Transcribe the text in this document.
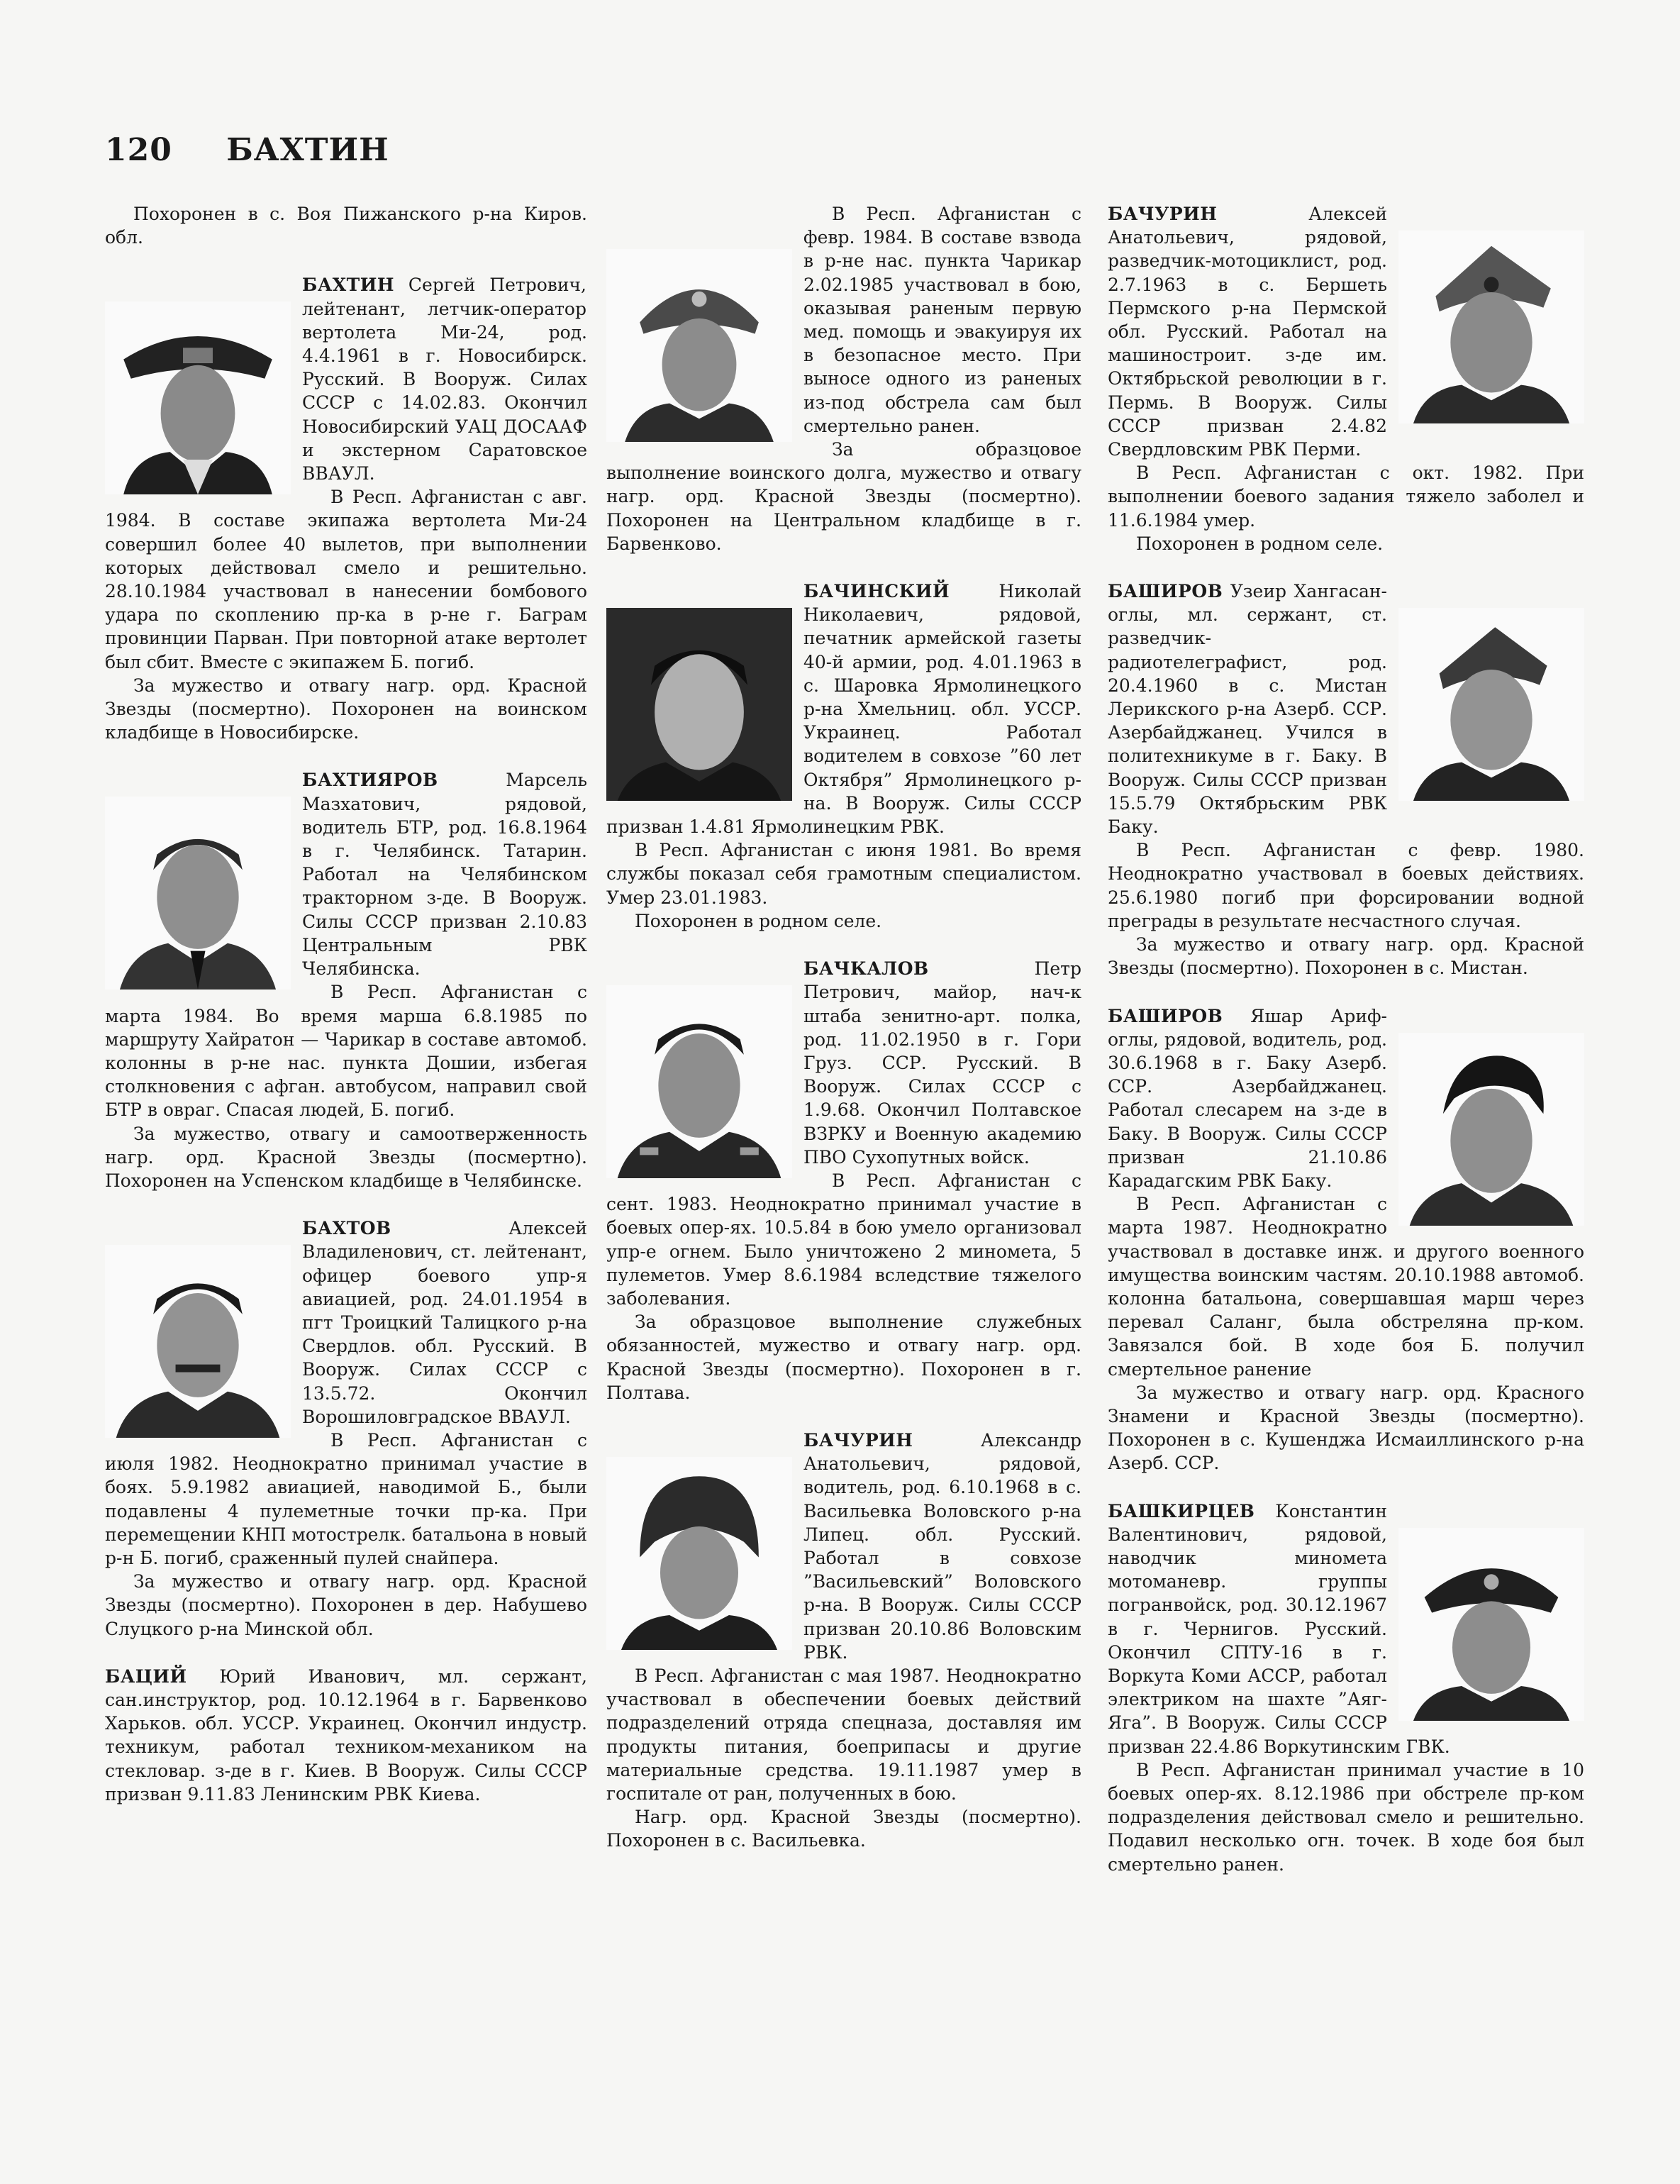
120 БАХТИН

Похоронен в с. Воя Пижанского р-на Киров. обл.

БАХТИН Сергей Петрович, лейтенант, летчик-оператор вертолета Ми-24, род. 4.4.1961 в г. Новосибирск. Русский. В Вооруж. Силах СССР с 14.02.83. Окончил Новосибирский УАЦ ДОСААФ и экстерном Саратовское ВВАУЛ.

В Респ. Афганистан с авг. 1984. В составе экипажа вертолета Ми-24 совершил более 40 вылетов, при выполнении которых действовал смело и решительно. 28.10.1984 участвовал в нанесении бомбового удара по скоплению пр-ка в р-не г. Баграм провинции Парван. При повторной атаке вертолет был сбит. Вместе с экипажем Б. погиб.

За мужество и отвагу нагр. орд. Красной Звезды (посмертно). Похоронен на воинском кладбище в Новосибирске.

БАХТИЯРОВ	Марсель Мазхатович, рядовой, водитель БТР, род. 16.8.1964 в г. Челябинск. Татарин. Работал на Челябинском тракторном з-де. В Вооруж. Силы СССР призван 2.10.83 Центральным РВК Челябинска.

В Респ. Афганистан с марта 1984. Во время марша 6.8.1985 по маршруту Хайратон — Чарикар в составе автомоб. колонны в р-не нас. пункта Дошии, избегая столкновения с афган. автобусом, направил свой БТР в овраг. Спасая людей, Б. погиб.

За мужество, отвагу и самоотверженность нагр. орд. Красной Звезды (посмертно). Похоронен на Успенском кладбище в Челябинске.

БАХТОВ	Алексей Владиленович, ст. лейтенант, офицер боевого упр-я авиацией, род. 24.01.1954 в пгт Троицкий Талицкого р-на Свердлов. обл. Русский. В Вооруж. Силах СССР с 13.5.72. Окончил Ворошиловградское ВВАУЛ.

В Респ. Афганистан с июля 1982. Неоднократно принимал участие в боях. 5.9.1982 авиацией, наводимой Б., были подавлены 4 пулеметные точки пр-ка. При перемещении КНП мотострелк. батальона в новый р-н Б. погиб, сраженный пулей снайпера.

За мужество и отвагу нагр. орд. Красной Звезды (посмертно). Похоронен в дер. Набушево Слуцкого р-на Минской обл.

БАЦИЙ Юрий Иванович, мл. сержант, сан.инструктор, род. 10.12.1964 в г. Барвенково Харьков. обл. УССР. Украинец. Окончил индустр. техникум, работал техником-механиком на стекловар. з-де в г. Киев. В Вооруж. Силы СССР призван 9.11.83 Ленинским РВК Киева.

В Респ. Афганистан с февр. 1984. В составе взвода в р-не нас. пункта Чарикар 2.02.1985 участвовал в бою, оказывая раненым первую мед. помощь и эвакуируя их в безопасное место. При выносе одного из раненых из-под обстрела сам был смертельно ранен.

За образцовое выполнение воинского долга, мужество и отвагу нагр. орд. Красной Звезды (посмертно). Похоронен на Центральном кладбище в г. Барвенково.

БАЧИНСКИЙ	Николай Николаевич, рядовой, печатник армейской газеты 40-й армии, род. 4.01.1963 в с. Шаровка Ярмолинецкого р-на Хмельниц. обл. УССР. Украинец. Работал водителем в совхозе ”60 лет Октября” Ярмолинецкого р-на. В Вооруж. Силы СССР призван 1.4.81 Ярмолинецким РВК.

В Респ. Афганистан с июня 1981. Во время службы показал себя грамотным специалистом. Умер 23.01.1983.

Похоронен в родном селе.

БАЧКАЛОВ	Петр Петрович, майор, нач-к штаба зенитно-арт. полка, род. 11.02.1950 в г. Гори Груз. ССР. Русский. В Вооруж. Силах СССР с 1.9.68. Окончил Полтавское ВЗРКУ и Военную академию ПВО Сухопутных войск.

В Респ. Афганистан с сент. 1983. Неоднократно принимал участие в боевых опер-ях. 10.5.84 в бою умело организовал упр-е огнем. Было уничтожено 2 миномета, 5 пулеметов. Умер 8.6.1984 вследствие тяжелого заболевания.

За образцовое выполнение служебных обязанностей, мужество и отвагу нагр. орд. Красной Звезды (посмертно). Похоронен в г. Полтава.

БАЧУРИН	Александр Анатольевич, рядовой, водитель, род. 6.10.1968 в с. Васильевка Воловского р-на Липец. обл. Русский. Работал в совхозе ”Васильевский” Воловского р-на. В Вооруж. Силы СССР призван 20.10.86 Воловским РВК.

В Респ. Афганистан с мая 1987. Неоднократно участвовал в обеспечении боевых действий подразделений отряда спецназа, доставляя им продукты питания, боеприпасы и другие материальные средства. 19.11.1987 умер в госпитале от ран, полученных в бою.

Нагр. орд. Красной Звезды (посмертно). Похоронен в с. Васильевка.

БАЧУРИН	Алексей Анатольевич, рядовой, разведчик-мотоциклист, род. 2.7.1963 в с. Бершеть Пермского р-на Пермской обл. Русский. Работал на машиностроит. з-де им. Октябрьской революции в г. Пермь. В Вооруж. Силы СССР призван 2.4.82 Свердловским РВК Перми.

В Респ. Афганистан с окт. 1982. При выполнении боевого задания тяжело заболел и 11.6.1984 умер.

Похоронен в родном селе.

БАШИРОВ Узеир Хангасан-оглы, мл. сержант, ст. разведчик-радиотелеграфист, род. 20.4.1960 в с. Мистан Лерикского р-на Азерб. ССР. Азербайджанец. Учился в политехникуме в г. Баку. В Вооруж. Силы СССР призван 15.5.79 Октябрьским РВК Баку.

В Респ. Афганистан с февр. 1980. Неоднократно участвовал в боевых действиях. 25.6.1980 погиб при форсировании водной преграды в результате несчастного случая.

За мужество и отвагу нагр. орд. Красной Звезды (посмертно). Похоронен в с. Мистан.

БАШИРОВ Яшар Ариф-оглы, рядовой, водитель, род. 30.6.1968 в г. Баку Азерб. ССР. Азербайджанец. Работал слесарем на з-де в Баку. В Вооруж. Силы СССР призван 21.10.86 Карадагским РВК Баку.

В Респ. Афганистан с марта 1987. Неоднократно участвовал в доставке инж. и другого военного имущества воинским частям. 20.10.1988 автомоб. колонна батальона, совершавшая марш через перевал Саланг, была обстреляна пр-ком. Завязался бой. В ходе боя Б. получил смертельное ранение

За мужество и отвагу нагр. орд. Красного Знамени и Красной Звезды (посмертно). Похоронен в с. Кушенджа Исмаиллинского р-на Азерб. ССР.

БАШКИРЦЕВ Константин Валентинович, рядовой, наводчик миномета мотоманевр. группы погранвойск, род. 30.12.1967 в г. Чернигов. Русский. Окончил СПТУ-16 в г. Воркута Коми АССР, работал электриком на шахте ”Аяг-Яга”. В Вооруж. Силы СССР призван 22.4.86 Воркутинским ГВК.

В Респ. Афганистан принимал участие в 10 боевых опер-ях. 8.12.1986 при обстреле пр-ком подразделения действовал смело и решительно. Подавил несколько огн. точек. В ходе боя был смертельно ранен.
